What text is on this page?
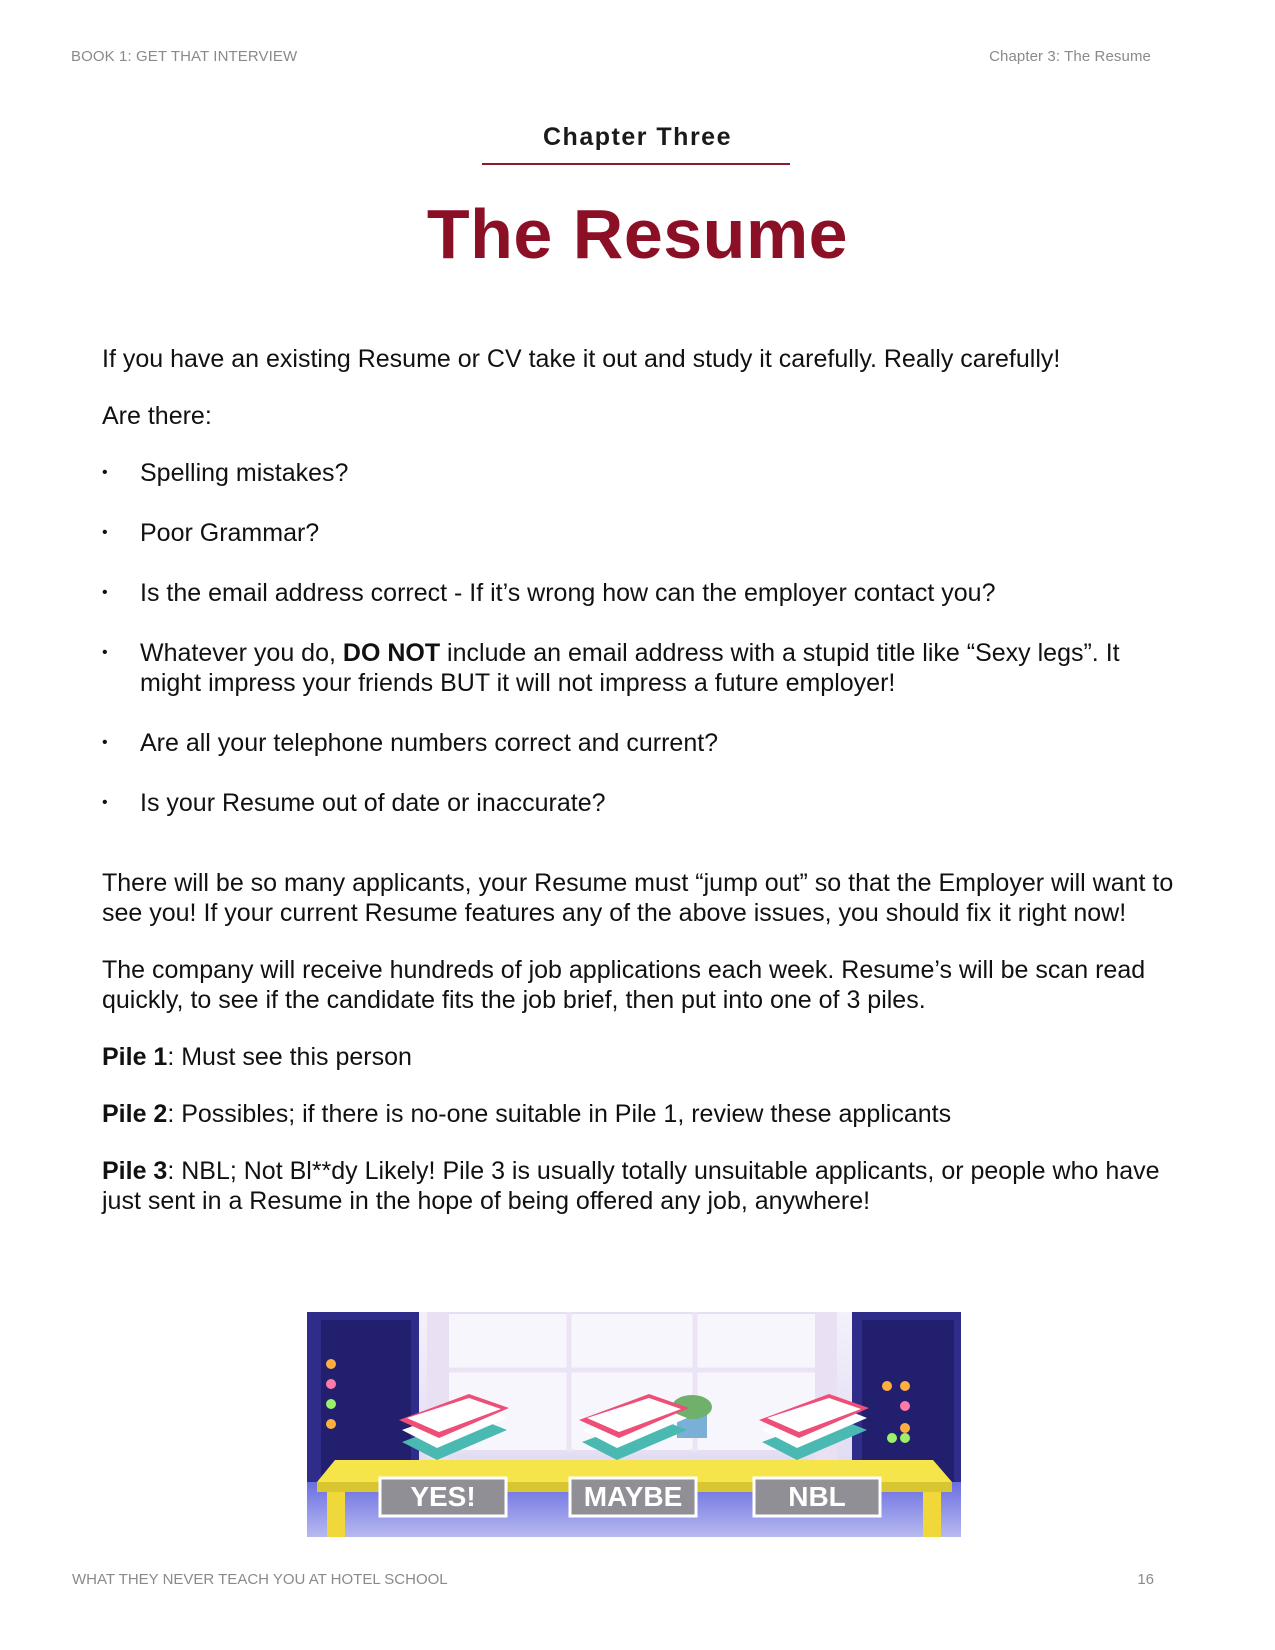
BOOK 1: GET THAT INTERVIEW	Chapter 3: The Resume
Chapter Three
The Resume

If you have an existing Resume or CV take it out and study it carefully. Really carefully!

Are there:

• Spelling mistakes?
• Poor Grammar?
• Is the email address correct - If it’s wrong how can the employer contact you?
• Whatever you do, DO NOT include an email address with a stupid title like “Sexy legs”. It might impress your friends BUT it will not impress a future employer!
• Are all your telephone numbers correct and current?
• Is your Resume out of date or inaccurate?

There will be so many applicants, your Resume must “jump out” so that the Employer will want to see you! If your current Resume features any of the above issues, you should fix it right now!

The company will receive hundreds of job applications each week. Resume’s will be scan read quickly, to see if the candidate fits the job brief, then put into one of 3 piles.

Pile 1: Must see this person

Pile 2: Possibles; if there is no-one suitable in Pile 1, review these applicants

Pile 3: NBL; Not Bl**dy Likely! Pile 3 is usually totally unsuitable applicants, or people who have just sent in a Resume in the hope of being offered any job, anywhere!

YES!	MAYBE	NBL
WHAT THEY NEVER TEACH YOU AT HOTEL SCHOOL	16
